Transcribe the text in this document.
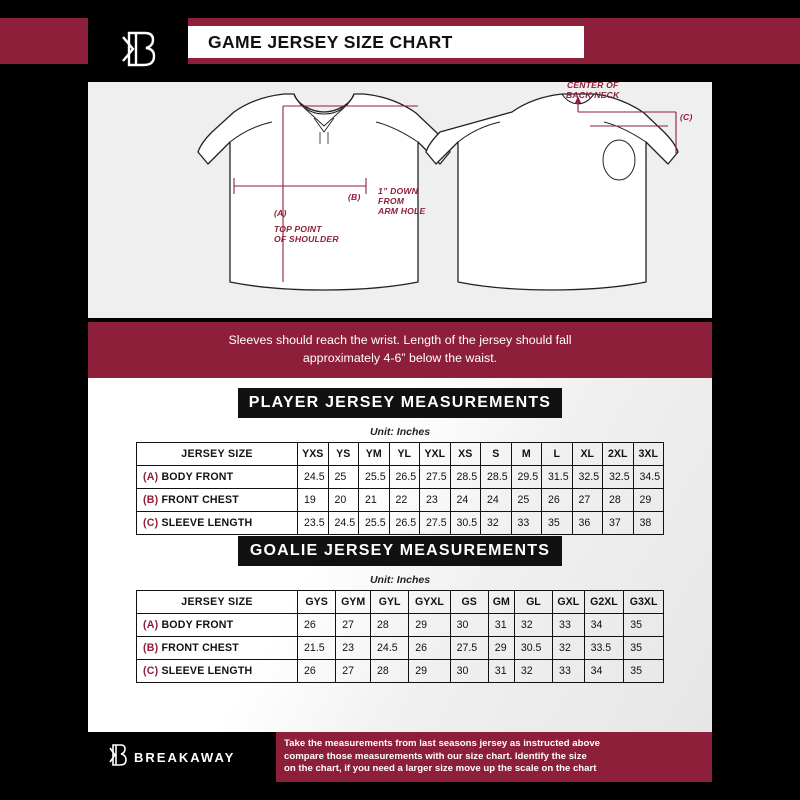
GAME JERSEY SIZE CHART
CENTER OF
BACK NECK
(C)
(B)
(A)
1” DOWN
FROM
ARM HOLE
TOP POINT
OF SHOULDER
Sleeves should reach the wrist. Length of the jersey should fall
approximately 4-6” below the waist.
PLAYER JERSEY MEASUREMENTS
Unit: Inches
JERSEY SIZE	YXS	YS	YM	YL	YXL	XS	S	M	L	XL	2XL	3XL
(A) BODY FRONT	24.5	25	25.5	26.5	27.5	28.5	28.5	29.5	31.5	32.5	32.5	34.5
(B) FRONT CHEST	19	20	21	22	23	24	24	25	26	27	28	29
(C) SLEEVE LENGTH	23.5	24.5	25.5	26.5	27.5	30.5	32	33	35	36	37	38
GOALIE JERSEY MEASUREMENTS
Unit: Inches
JERSEY SIZE	GYS	GYM	GYL	GYXL	GS	GM	GL	GXL	G2XL	G3XL
(A) BODY FRONT	26	27	28	29	30	31	32	33	34	35
(B) FRONT CHEST	21.5	23	24.5	26	27.5	29	30.5	32	33.5	35
(C) SLEEVE LENGTH	26	27	28	29	30	31	32	33	34	35
BREAKAWAY
Take the measurements from last seasons jersey as instructed above
compare those measurements with our size chart. Identify the size
on the chart, if you need a larger size move up the scale on the chart
